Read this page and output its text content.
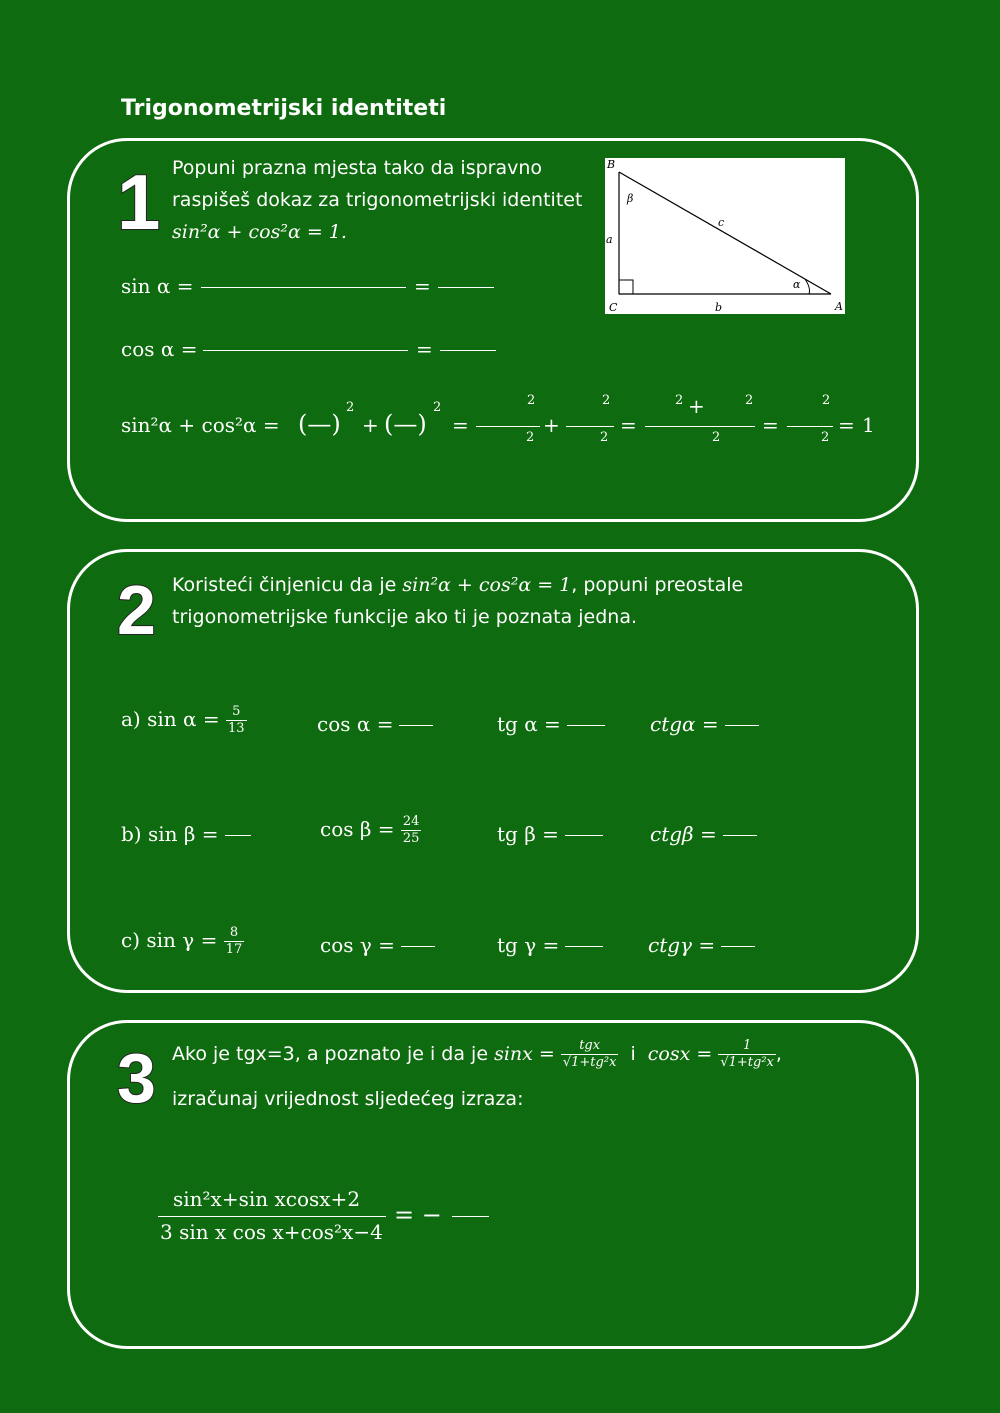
Trigonometrijski identiteti
1 Popuni prazna mjesta tako da ispravno raspišeš dokaz za trigonometrijski identitet
sin²α + cos²α = 1.
B
A
C
a
b
c
α
β
sin α =	=
cos α =	=
sin²α + cos²α = (—)
2
+ (—)
2
=
2
2
+
2
2
=
2 +	2
2
=
2
2
= 1
2 Koristeći činjenicu da je sin²α + cos²α = 1, popuni preostale trigonometrijske funkcije ako ti je poznata jedna.
a) $\sin \alpha = \frac{5}{13}$	cos α =	tg α =	ctgα =
b) sin β =	$\cos \beta = \frac{24}{25}$	tg β =	ctgβ =
c) $\sin \gamma = \frac{8}{17}$	cos γ =	tg γ =	ctgγ =
3 Ako je tgx=3, a poznato je i da je $\sin x = \frac{\text{tgx}}{\text{√1+tg²x}}$ i $\cos x = \frac{1}{\text{√1+tg²x}}$ ,
izračunaj vrijednost sljedećeg izraza:
sin²x+sin xcosx+2
3 sin x cos x+cos²x−4
= −
